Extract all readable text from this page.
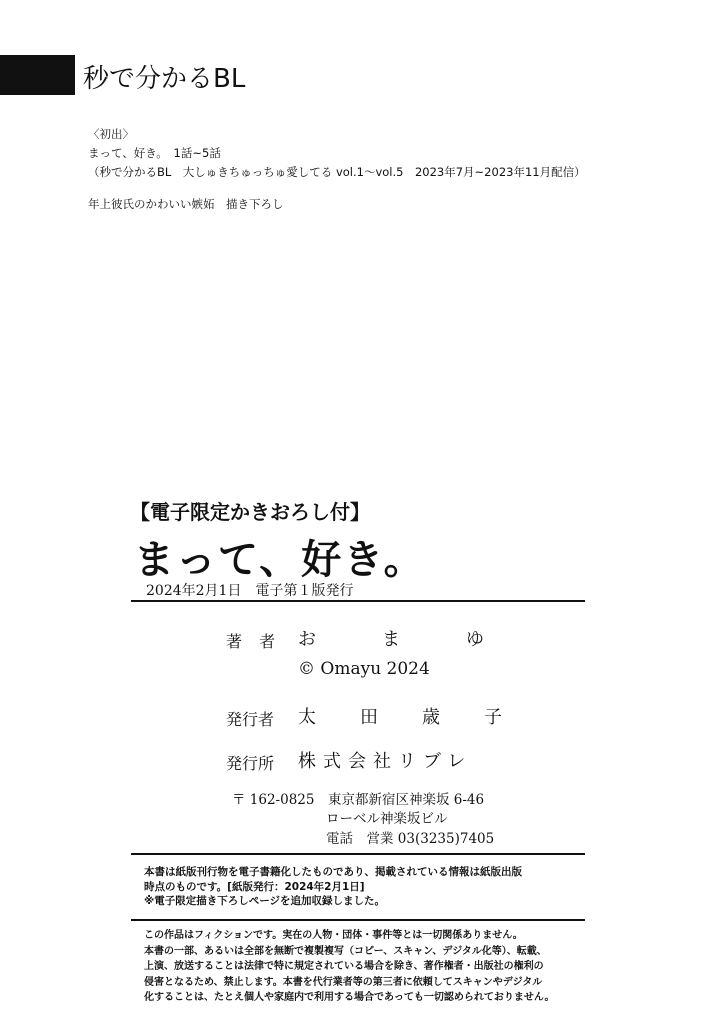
秒で分かるBL
〈初出〉
まって、好き。　1話~5話
（秒で分かるBL　大しゅきちゅっちゅ愛してる vol.1～vol.5　2023年7月~2023年11月配信）
年上彼氏のかわいい嫉妬　描き下ろし
【電子限定かきおろし付】
まって、好き。
2024年2月1日　電子第１版発行
著 者 おまゆ
© Omayu 2024
発行者 太田歳子
発行所 株式会社リブレ
〒 162-0825　東京都新宿区神楽坂 6-46
ローベル神楽坂ビル
電話　営業 03(3235)7405
本書は紙版刊行物を電子書籍化したものであり、掲載されている情報は紙版出版
時点のものです。[紙版発行：2024年2月1日]
※電子限定描き下ろしページを追加収録しました。
この作品はフィクションです。実在の人物・団体・事件等とは一切関係ありません。
本書の一部、あるいは全部を無断で複製複写（コピー、スキャン、デジタル化等）、転載、
上演、放送することは法律で特に規定されている場合を除き、著作権者・出版社の権利の
侵害となるため、禁止します。本書を代行業者等の第三者に依頼してスキャンやデジタル
化することは、たとえ個人や家庭内で利用する場合であっても一切認められておりません。
